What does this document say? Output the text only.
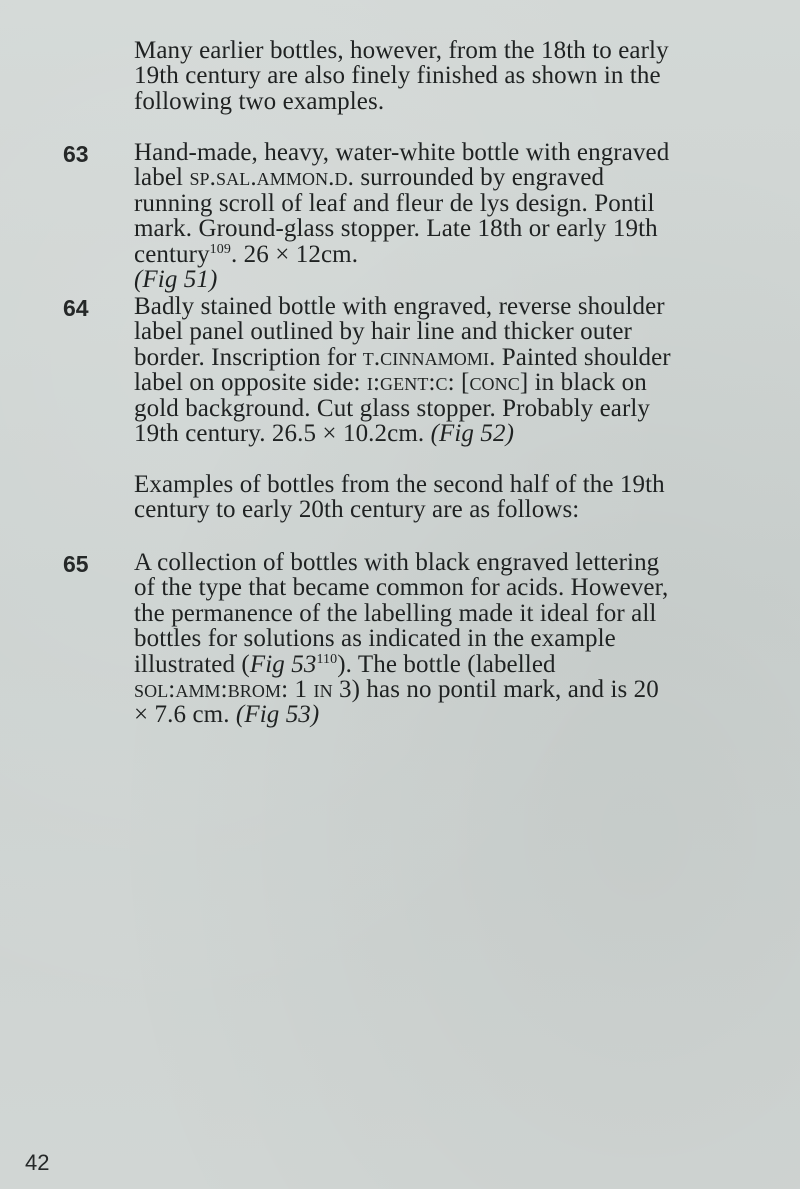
Many earlier bottles, however, from the 18th to early 19th century are also finely finished as shown in the following two examples.

63 Hand-made, heavy, water-white bottle with engraved label sp.sal.ammon.d. surrounded by engraved running scroll of leaf and fleur de lys design. Pontil mark. Ground-glass stopper. Late 18th or early 19th century$^{109}$. 26 × 12cm.
(Fig 51)

64 Badly stained bottle with engraved, reverse shoulder label panel outlined by hair line and thicker outer border. Inscription for t.cinnamomi. Painted shoulder label on opposite side: i:gent:c: [conc] in black on gold background. Cut glass stopper. Probably early 19th century. 26.5 × 10.2cm. (Fig 52)

Examples of bottles from the second half of the 19th century to early 20th century are as follows:

65 A collection of bottles with black engraved lettering of the type that became common for acids. However, the permanence of the labelling made it ideal for all bottles for solutions as indicated in the example illustrated (Fig $53^{110}$). The bottle (labelled sol:amm:brom: 1 in 3) has no pontil mark, and is 20 × 7.6 cm. (Fig 53)

42
